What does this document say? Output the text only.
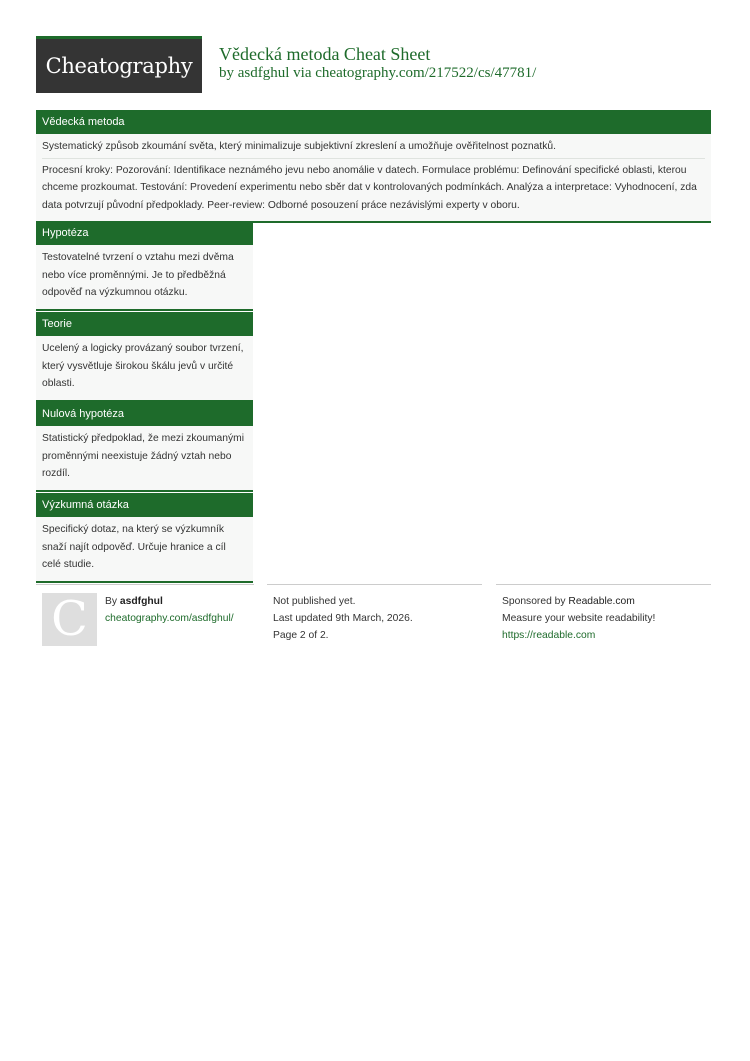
Cheatography Vědecká metoda Cheat Sheet
by asdfghul via cheatography.com/217522/cs/47781/
Vědecká metoda
Systematický způsob zkoumání světa, který minimalizuje subjektivní zkreslení a umožňuje ověřitelnost poznatků.
Procesní kroky: Pozorování: Identifikace neznámého jevu nebo anomálie v datech. Formulace problému: Definování specifické oblasti, kterou chceme prozkoumat. Testování: Provedení experimentu nebo sběr dat v kontrolovaných podmínkách. Analýza a interpretace: Vyhodnocení, zda data potvrzují původní předpoklady. Peer-review: Odborné posouzení práce nezávislými experty v oboru.
Hypotéza
Testovatelné tvrzení o vztahu mezi dvěma nebo více proměnnými. Je to předběžná odpověď na výzkumnou otázku.
Teorie
Ucelený a logicky provázaný soubor tvrzení, který vysvětluje širokou škálu jevů v určité oblasti.
Nulová hypotéza
Statistický předpoklad, že mezi zkoumanými proměnnými neexistuje žádný vztah nebo rozdíl.
Výzkumná otázka
Specifický dotaz, na který se výzkumník snaží najít odpověď. Určuje hranice a cíl celé studie.
C	By asdfghul
cheatography.com/asdfghul/
Not published yet.
Last updated 9th March, 2026.
Page 2 of 2.
Sponsored by Readable.com
Measure your website readability!
https://readable.com
